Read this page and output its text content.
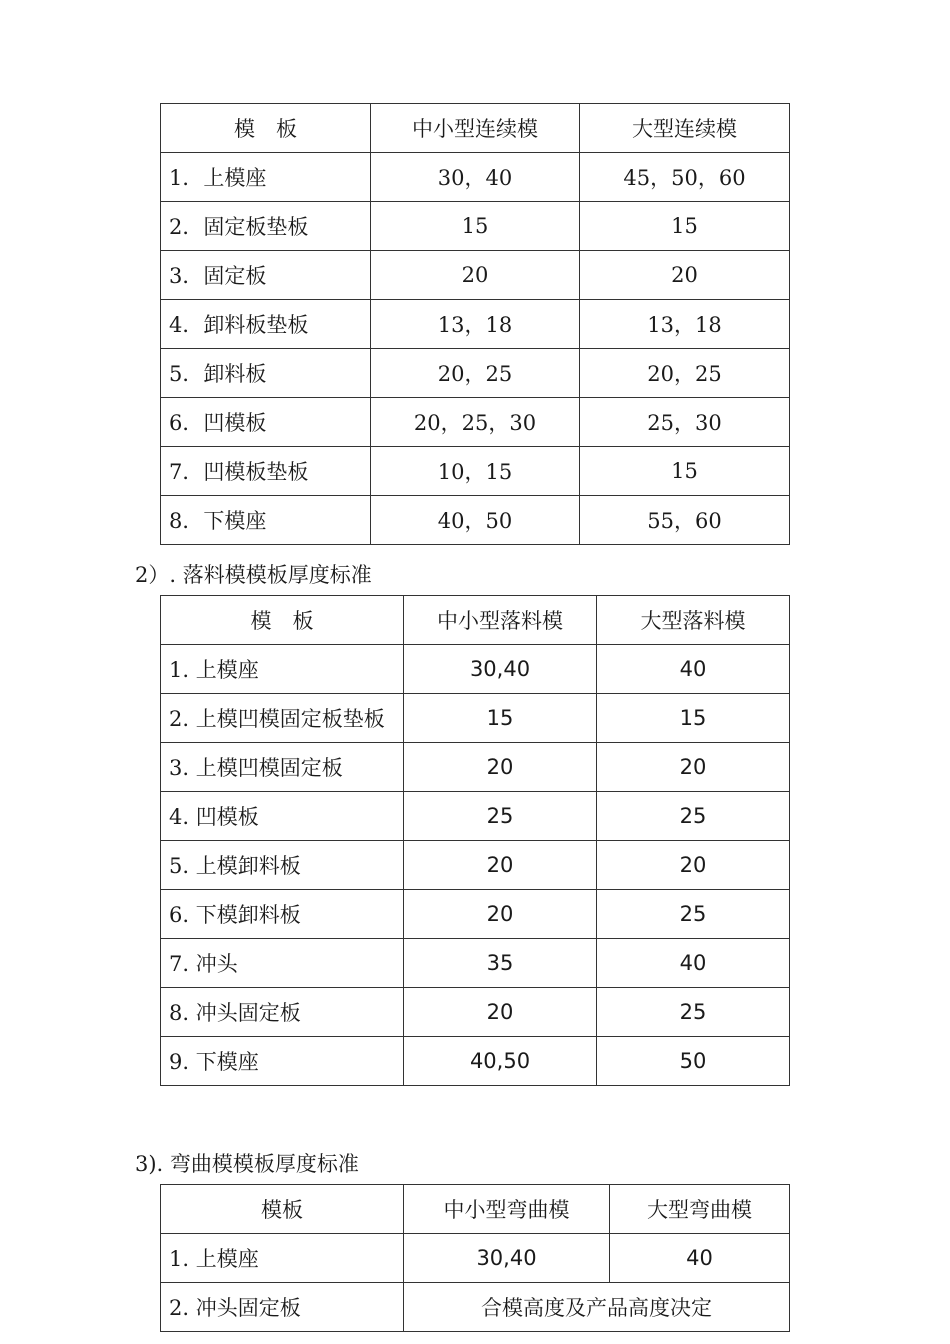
模　板	中小型连续模	大型连续模
1．上模座	30，40	45，50，60
2．固定板垫板	15	15
3．固定板	20	20
4．卸料板垫板	13，18	13，18
5．卸料板	20，25	20，25
6．凹模板	20，25，30	25，30
7．凹模板垫板	10，15	15
8．下模座	40，50	55，60
2）. 落料模模板厚度标准
模　板	中小型落料模	大型落料模
1. 上模座	30,40	40
2. 上模凹模固定板垫板	15	15
3. 上模凹模固定板	20	20
4. 凹模板	25	25
5. 上模卸料板	20	20
6. 下模卸料板	20	25
7. 冲头	35	40
8. 冲头固定板	20	25
9. 下模座	40,50	50
3). 弯曲模模板厚度标准
模板	中小型弯曲模	大型弯曲模
1. 上模座	30,40	40
2. 冲头固定板	合模高度及产品高度决定	
